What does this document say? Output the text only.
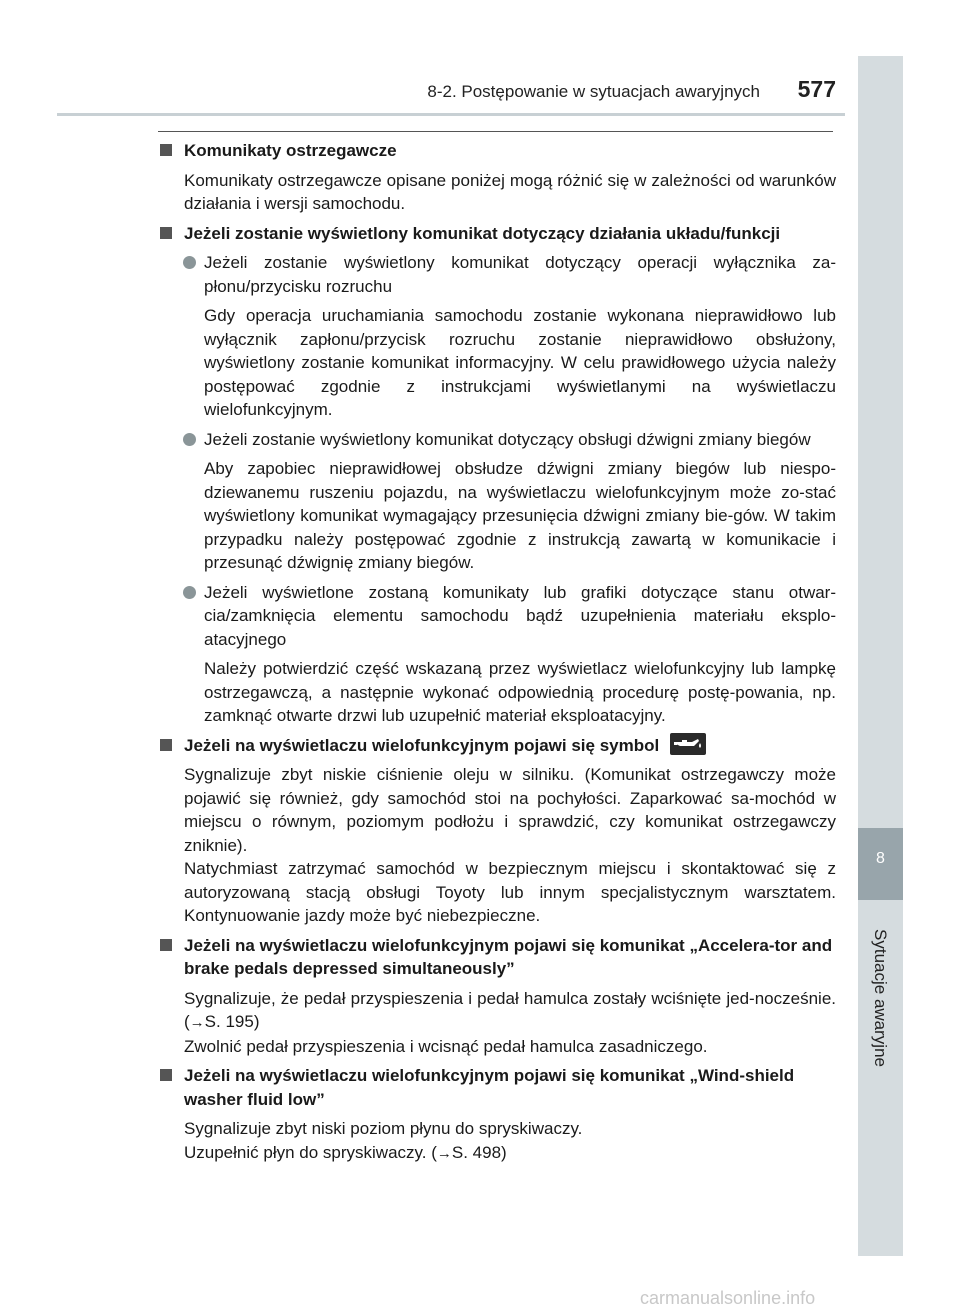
8-2. Postępowanie w sytuacjach awaryjnych	577
8
Sytuacje awaryjne
Komunikaty ostrzegawcze
Komunikaty ostrzegawcze opisane poniżej mogą różnić się w zależności od warunków działania i wersji samochodu.
Jeżeli zostanie wyświetlony komunikat dotyczący działania układu/funkcji
Jeżeli zostanie wyświetlony komunikat dotyczący operacji wyłącznika za-płonu/przycisku rozruchu
Gdy operacja uruchamiania samochodu zostanie wykonana nieprawidłowo lub wyłącznik zapłonu/przycisk rozruchu zostanie nieprawidłowo obsłużony, wyświetlony zostanie komunikat informacyjny. W celu prawidłowego użycia należy postępować zgodnie z instrukcjami wyświetlanymi na wyświetlaczu wielofunkcyjnym.
Jeżeli zostanie wyświetlony komunikat dotyczący obsługi dźwigni zmiany biegów
Aby zapobiec nieprawidłowej obsłudze dźwigni zmiany biegów lub niespo-dziewanemu ruszeniu pojazdu, na wyświetlaczu wielofunkcyjnym może zo-stać wyświetlony komunikat wymagający przesunięcia dźwigni zmiany bie-gów. W takim przypadku należy postępować zgodnie z instrukcją zawartą w komunikacie i przesunąć dźwignię zmiany biegów.
Jeżeli wyświetlone zostaną komunikaty lub grafiki dotyczące stanu otwar-cia/zamknięcia elementu samochodu bądź uzupełnienia materiału eksplo-atacyjnego
Należy potwierdzić część wskazaną przez wyświetlacz wielofunkcyjny lub lampkę ostrzegawczą, a następnie wykonać odpowiednią procedurę postę-powania, np. zamknąć otwarte drzwi lub uzupełnić materiał eksploatacyjny.
Jeżeli na wyświetlaczu wielofunkcyjnym pojawi się symbol
Sygnalizuje zbyt niskie ciśnienie oleju w silniku. (Komunikat ostrzegawczy może pojawić się również, gdy samochód stoi na pochyłości. Zaparkować sa-mochód w miejscu o równym, poziomym podłożu i sprawdzić, czy komunikat ostrzegawczy zniknie).
Natychmiast zatrzymać samochód w bezpiecznym miejscu i skontaktować się z autoryzowaną stacją obsługi Toyoty lub innym specjalistycznym warsztatem. Kontynuowanie jazdy może być niebezpieczne.
Jeżeli na wyświetlaczu wielofunkcyjnym pojawi się komunikat „Accelera-tor and brake pedals depressed simultaneously”
Sygnalizuje, że pedał przyspieszenia i pedał hamulca zostały wciśnięte jed-nocześnie. (→S. 195)
Zwolnić pedał przyspieszenia i wcisnąć pedał hamulca zasadniczego.
Jeżeli na wyświetlaczu wielofunkcyjnym pojawi się komunikat „Wind-shield washer fluid low”
Sygnalizuje zbyt niski poziom płynu do spryskiwaczy.
Uzupełnić płyn do spryskiwaczy. (→S. 498)
carmanualsonline.info
